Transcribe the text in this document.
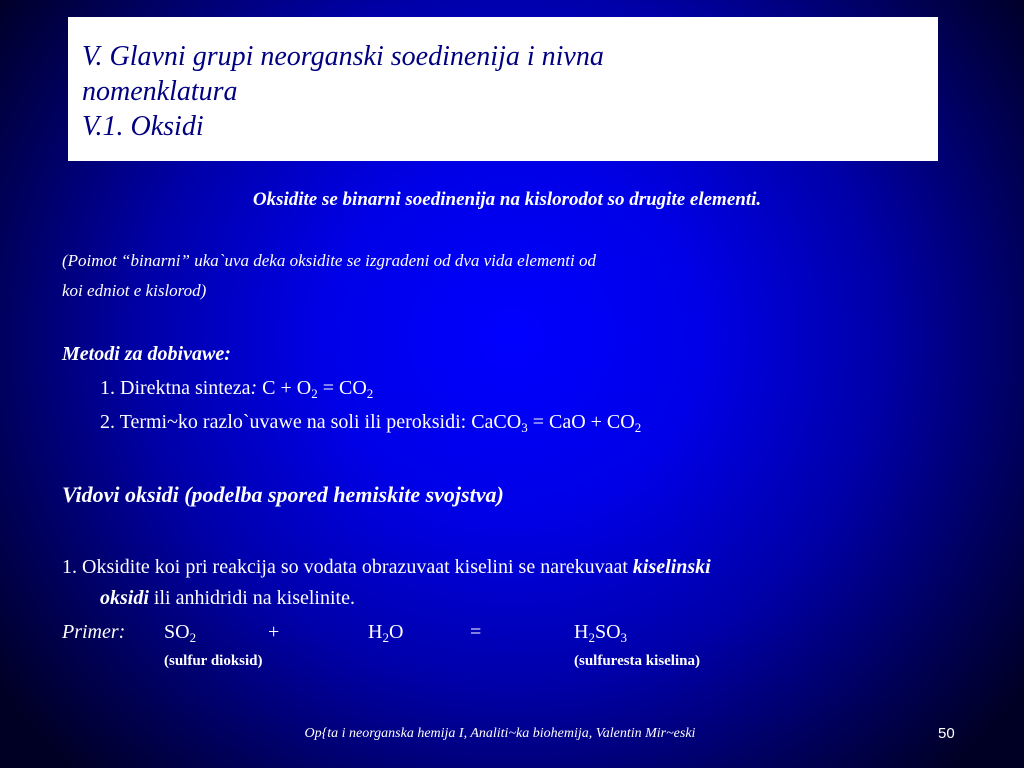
V. Glavni grupi neorganski soedinenija i nivna
nomenklatura
V.1. Oksidi
Oksidite se binarni soedinenija na kislorodot so drugite elementi.
(Poimot “binarni” uka`uva deka oksidite se izgradeni od dva vida elementi od
koi edniot e kislorod)
Metodi za dobivawe:
1. Direktna sinteza: $C + O_2 = CO_2$
2. Termi~ko razlo`uvawe na soli ili peroksidi: CaCO$_3$ = CaO + $CO_2$
Vidovi oksidi (podelba spored hemiskite svojstva)
1. Oksidite koi pri reakcija so vodata obrazuvaat kiselini se narekuvaat kiselinski
oksidi ili anhidridi na kiselinite.
Primer: $SO_2$	+	$H_2O$	=	$H_2SO_3$
(sulfur dioksid)	(sulfuresta kiselina)
Op{ta i neorganska hemija I, Analiti~ka biohemija, Valentin Mir~eski	50
